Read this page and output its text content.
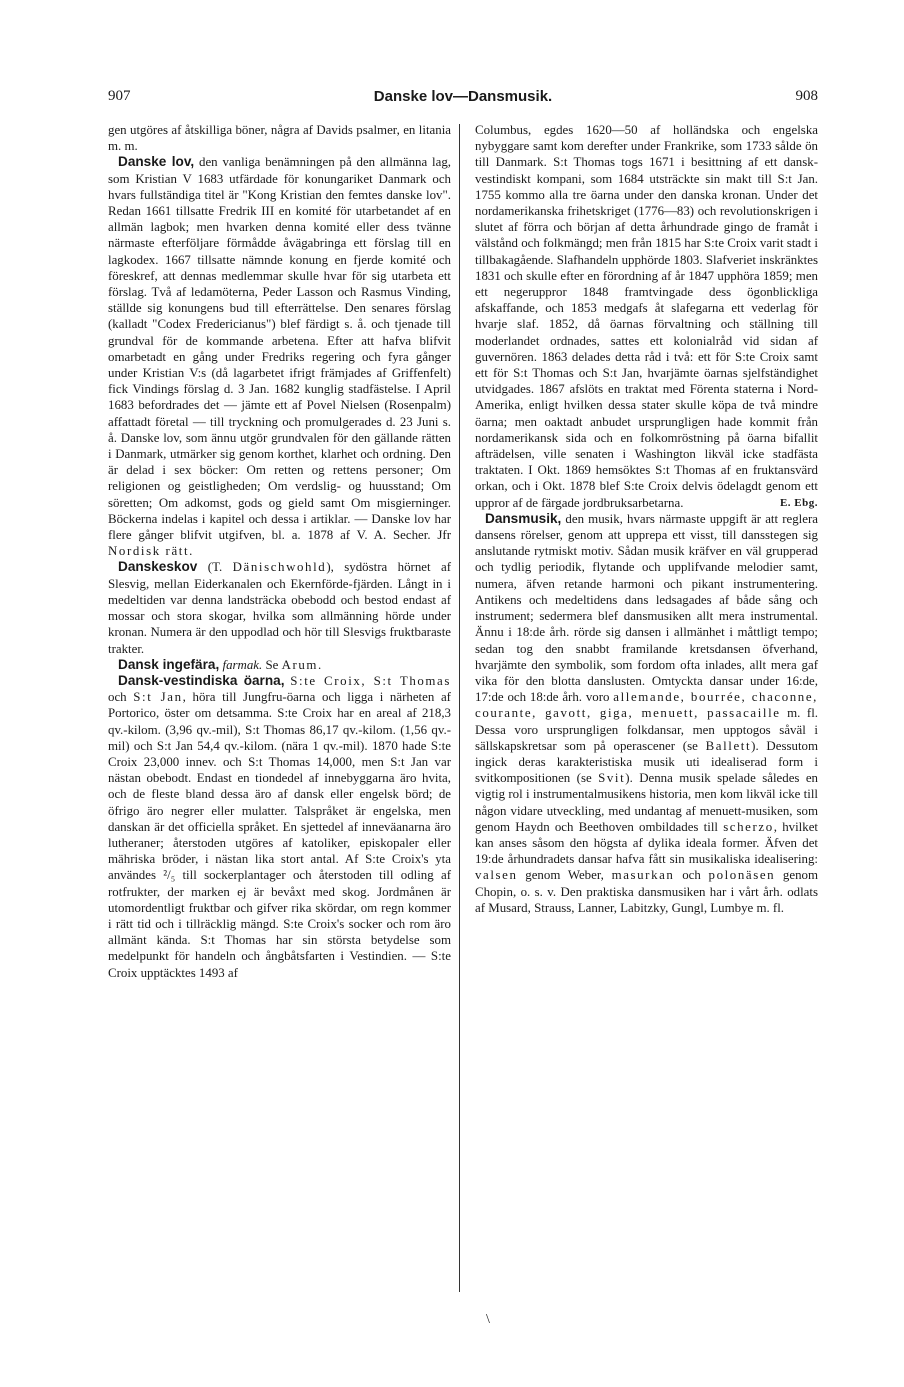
907	Danske lov—Dansmusik.	908

gen utgöres af åtskilliga böner, några af Davids psalmer, en litania m. m.

Danske lov, den vanliga benämningen på den allmänna lag, som Kristian V 1683 utfärdade för konungariket Danmark och hvars fullständiga titel är "Kong Kristian den femtes danske lov". Redan 1661 tillsatte Fredrik III en komité för utarbetandet af en allmän lagbok; men hvarken denna komité eller dess tvänne närmaste efterföljare förmådde åvägabringa ett förslag till en lagkodex. 1667 tillsatte nämnde konung en fjerde komité och föreskref, att dennas medlemmar skulle hvar för sig utarbeta ett förslag. Två af ledamöterna, Peder Lasson och Rasmus Vinding, ställde sig konungens bud till efterrättelse. Den senares förslag (kalladt "Codex Fredericianus") blef färdigt s. å. och tjenade till grundval för de kommande arbetena. Efter att hafva blifvit omarbetadt en gång under Fredriks regering och fyra gånger under Kristian V:s (då lagarbetet ifrigt främjades af Griffenfelt) fick Vindings förslag d. 3 Jan. 1682 kunglig stadfästelse. I April 1683 befordrades det — jämte ett af Povel Nielsen (Rosenpalm) affattadt företal — till tryckning och promulgerades d. 23 Juni s. å. Danske lov, som ännu utgör grundvalen för den gällande rätten i Danmark, utmärker sig genom korthet, klarhet och ordning. Den är delad i sex böcker: Om retten og rettens personer; Om religionen og geistligheden; Om verdslig- og huusstand; Om söretten; Om adkomst, gods og gield samt Om misgierninger. Böckerna indelas i kapitel och dessa i artiklar. — Danske lov har flere gånger blifvit utgifven, bl. a. 1878 af V. A. Secher. Jfr Nordisk rätt.

Danskeskov (T. Dänischwohld), sydöstra hörnet af Slesvig, mellan Eiderkanalen och Ekernförde-fjärden. Långt in i medeltiden var denna landsträcka obebodd och bestod endast af mossar och stora skogar, hvilka som allmänning hörde under kronan. Numera är den uppodlad och hör till Slesvigs fruktbaraste trakter.

Dansk ingefära, farmak. Se Arum.

Dansk-vestindiska öarna, S:te Croix, S:t Thomas och S:t Jan, höra till Jungfru-öarna och ligga i närheten af Portorico, öster om detsamma. S:te Croix har en areal af 218,3 qv.-kilom. (3,96 qv.-mil), S:t Thomas 86,17 qv.-kilom. (1,56 qv.-mil) och S:t Jan 54,4 qv.-kilom. (nära 1 qv.-mil). 1870 hade S:te Croix 23,000 innev. och S:t Thomas 14,000, men S:t Jan var nästan obebodt. Endast en tiondedel af innebyggarna äro hvita, och de fleste bland dessa äro af dansk eller engelsk börd; de öfrigo äro negrer eller mulatter. Talspråket är engelska, men danskan är det officiella språket. En sjettedel af inneväanarna äro lutheraner; återstoden utgöres af katoliker, episkopaler eller mähriska bröder, i nästan lika stort antal. Af S:te Croix's yta användes ²/₅ till sockerplantager och återstoden till odling af rotfrukter, der marken ej är bevåxt med skog. Jordmånen är utomordentligt fruktbar och gifver rika skördar, om regn kommer i rätt tid och i tillräcklig mängd. S:te Croix's socker och rom äro allmänt kända. S:t Thomas har sin största betydelse som medelpunkt för handeln och ångbåtsfarten i Vestindien. — S:te Croix upptäcktes 1493 af

Columbus, egdes 1620—50 af holländska och engelska nybyggare samt kom derefter under Frankrike, som 1733 sålde ön till Danmark. S:t Thomas togs 1671 i besittning af ett dansk-vestindiskt kompani, som 1684 utsträckte sin makt till S:t Jan. 1755 kommo alla tre öarna under den danska kronan. Under det nordamerikanska frihetskriget (1776—83) och revolutionskrigen i slutet af förra och början af detta århundrade gingo de framåt i välstånd och folkmängd; men från 1815 har S:te Croix varit stadt i tillbakagående. Slafhandeln upphörde 1803. Slafveriet inskränktes 1831 och skulle efter en förordning af år 1847 upphöra 1859; men ett negeruppror 1848 framtvingade dess ögonblickliga afskaffande, och 1853 medgafs åt slafegarna ett vederlag för hvarje slaf. 1852, då öarnas förvaltning och ställning till moderlandet ordnades, sattes ett kolonialråd vid sidan af guvernören. 1863 delades detta råd i två: ett för S:te Croix samt ett för S:t Thomas och S:t Jan, hvarjämte öarnas sjelfständighet utvidgades. 1867 afslöts en traktat med Förenta staterna i Nord-Amerika, enligt hvilken dessa stater skulle köpa de två mindre öarna; men oaktadt anbudet ursprungligen hade kommit från nordamerikansk sida och en folkomröstning på öarna bifallit afträdelsen, ville senaten i Washington likväl icke stadfästa traktaten. I Okt. 1869 hemsöktes S:t Thomas af en fruktansvärd orkan, och i Okt. 1878 blef S:te Croix delvis ödelagdt genom ett uppror af de färgade jordbruksarbetarna.	E. Ebg.

Dansmusik, den musik, hvars närmaste uppgift är att reglera dansens rörelser, genom att upprepa ett visst, till dansstegen sig anslutande rytmiskt motiv. Sådan musik kräfver en väl grupperad och tydlig periodik, flytande och upplifvande melodier samt, numera, äfven retande harmoni och pikant instrumentering. Antikens och medeltidens dans ledsagades af både sång och instrument; sedermera blef dansmusiken allt mera instrumental. Ännu i 18:de årh. rörde sig dansen i allmänhet i måttligt tempo; sedan tog den snabbt framilande kretsdansen öfverhand, hvarjämte den symbolik, som fordom ofta inlades, allt mera gaf vika för den blotta danslusten. Omtyckta dansar under 16:de, 17:de och 18:de årh. voro allemande, bourrée, chaconne, courante, gavott, giga, menuett, passacaille m. fl. Dessa voro ursprungligen folkdansar, men upptogos såväl i sällskapskretsar som på operascener (se Ballett). Dessutom ingick deras karakteristiska musik uti idealiserad form i svitkompositionen (se Svit). Denna musik spelade således en vigtig rol i instrumentalmusikens historia, men kom likväl icke till någon vidare utveckling, med undantag af menuett-musiken, som genom Haydn och Beethoven ombildades till scherzo, hvilket kan anses såsom den högsta af dylika ideala former. Äfven det 19:de århundradets dansar hafva fått sin musikaliska idealisering: valsen genom Weber, masurkan och polonäsen genom Chopin, o. s. v. Den praktiska dansmusiken har i vårt årh. odlats af Musard, Strauss, Lanner, Labitzky, Gungl, Lumbye m. fl.

\
